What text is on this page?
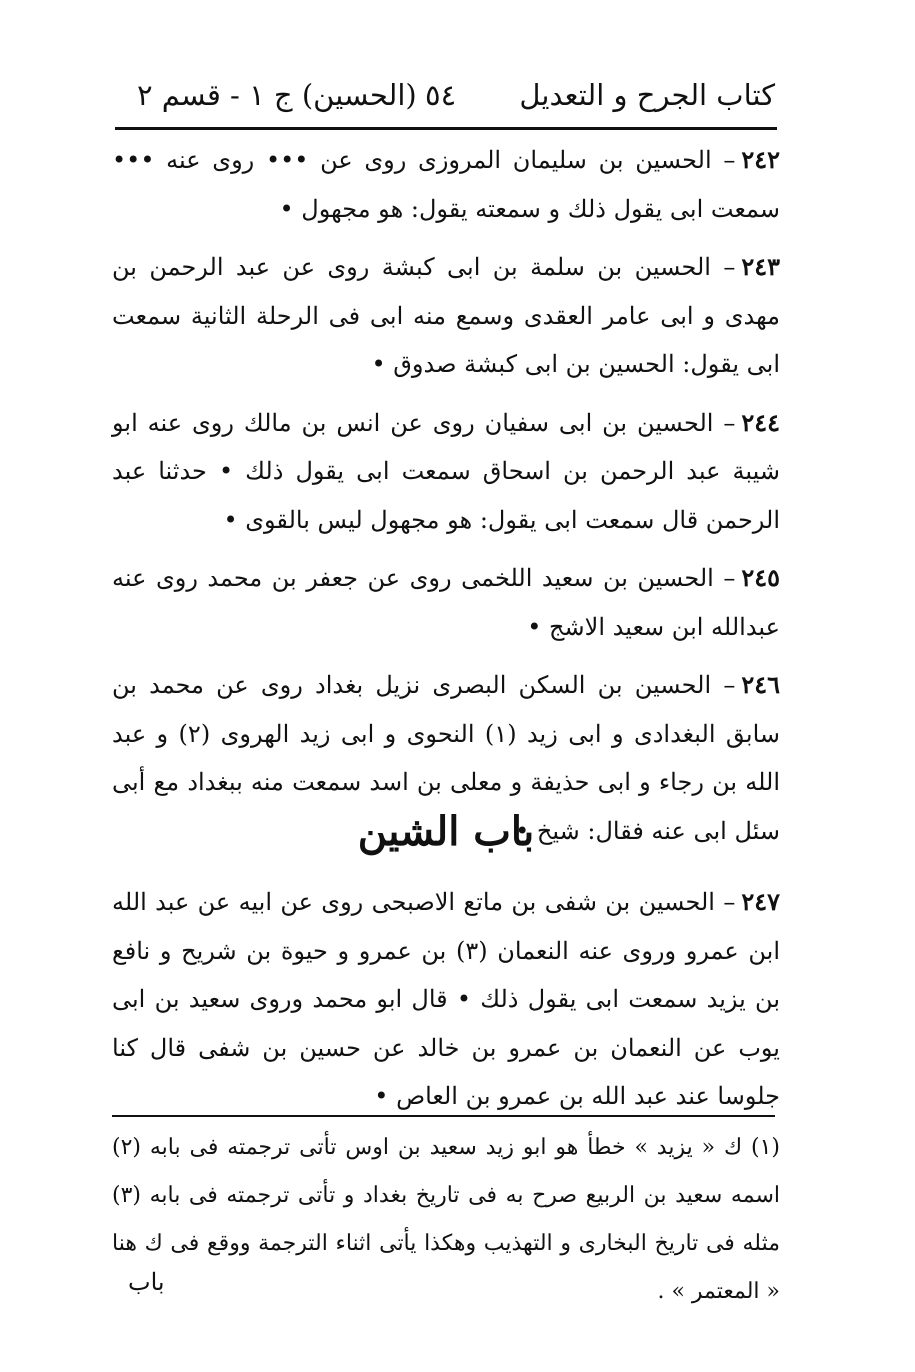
كتاب الجرح و التعديل
٥٤
(الحسين) ج ١ - قسم ٢
٢٤٢– الحسين بن سليمان المروزى روى عن ••• روى عنه ••• سمعت ابى يقول ذلك و سمعته يقول: هو مجهول •
٢٤٣– الحسين بن سلمة بن ابى كبشة روى عن عبد الرحمن بن مهدى و ابى عامر العقدى وسمع منه ابى فى الرحلة الثانية سمعت ابى يقول: الحسين بن ابى كبشة صدوق •
٢٤٤– الحسين بن ابى سفيان روى عن انس بن مالك روى عنه ابو شيبة عبد الرحمن بن اسحاق سمعت ابى يقول ذلك • حدثنا عبد الرحمن قال سمعت ابى يقول: هو مجهول ليس بالقوى •
٢٤٥– الحسين بن سعيد اللخمى روى عن جعفر بن محمد روى عنه عبدالله ابن سعيد الاشج •
٢٤٦– الحسين بن السكن البصرى نزيل بغداد روى عن محمد بن سابق البغدادى و ابى زيد (١) النحوى و ابى زيد الهروى (٢) و عبد الله بن رجاء و ابى حذيفة و معلى بن اسد سمعت منه ببغداد مع أبى سئل ابى عنه فقال: شيخ •
باب الشين
٢٤٧– الحسين بن شفى بن ماتع الاصبحى روى عن ابيه عن عبد الله ابن عمرو وروى عنه النعمان (٣) بن عمرو و حيوة بن شريح و نافع بن يزيد سمعت ابى يقول ذلك • قال ابو محمد وروى سعيد بن ابى يوب عن النعمان بن عمرو بن خالد عن حسين بن شفى قال كنا جلوسا عند عبد الله بن عمرو بن العاص •
(١) ك « يزيد » خطأ هو ابو زيد سعيد بن اوس تأتى ترجمته فى بابه (٢) اسمه سعيد بن الربيع صرح به فى تاريخ بغداد و تأتى ترجمته فى بابه (٣) مثله فى تاريخ البخارى و التهذيب وهكذا يأتى اثناء الترجمة ووقع فى ك هنا « المعتمر » .
باب
